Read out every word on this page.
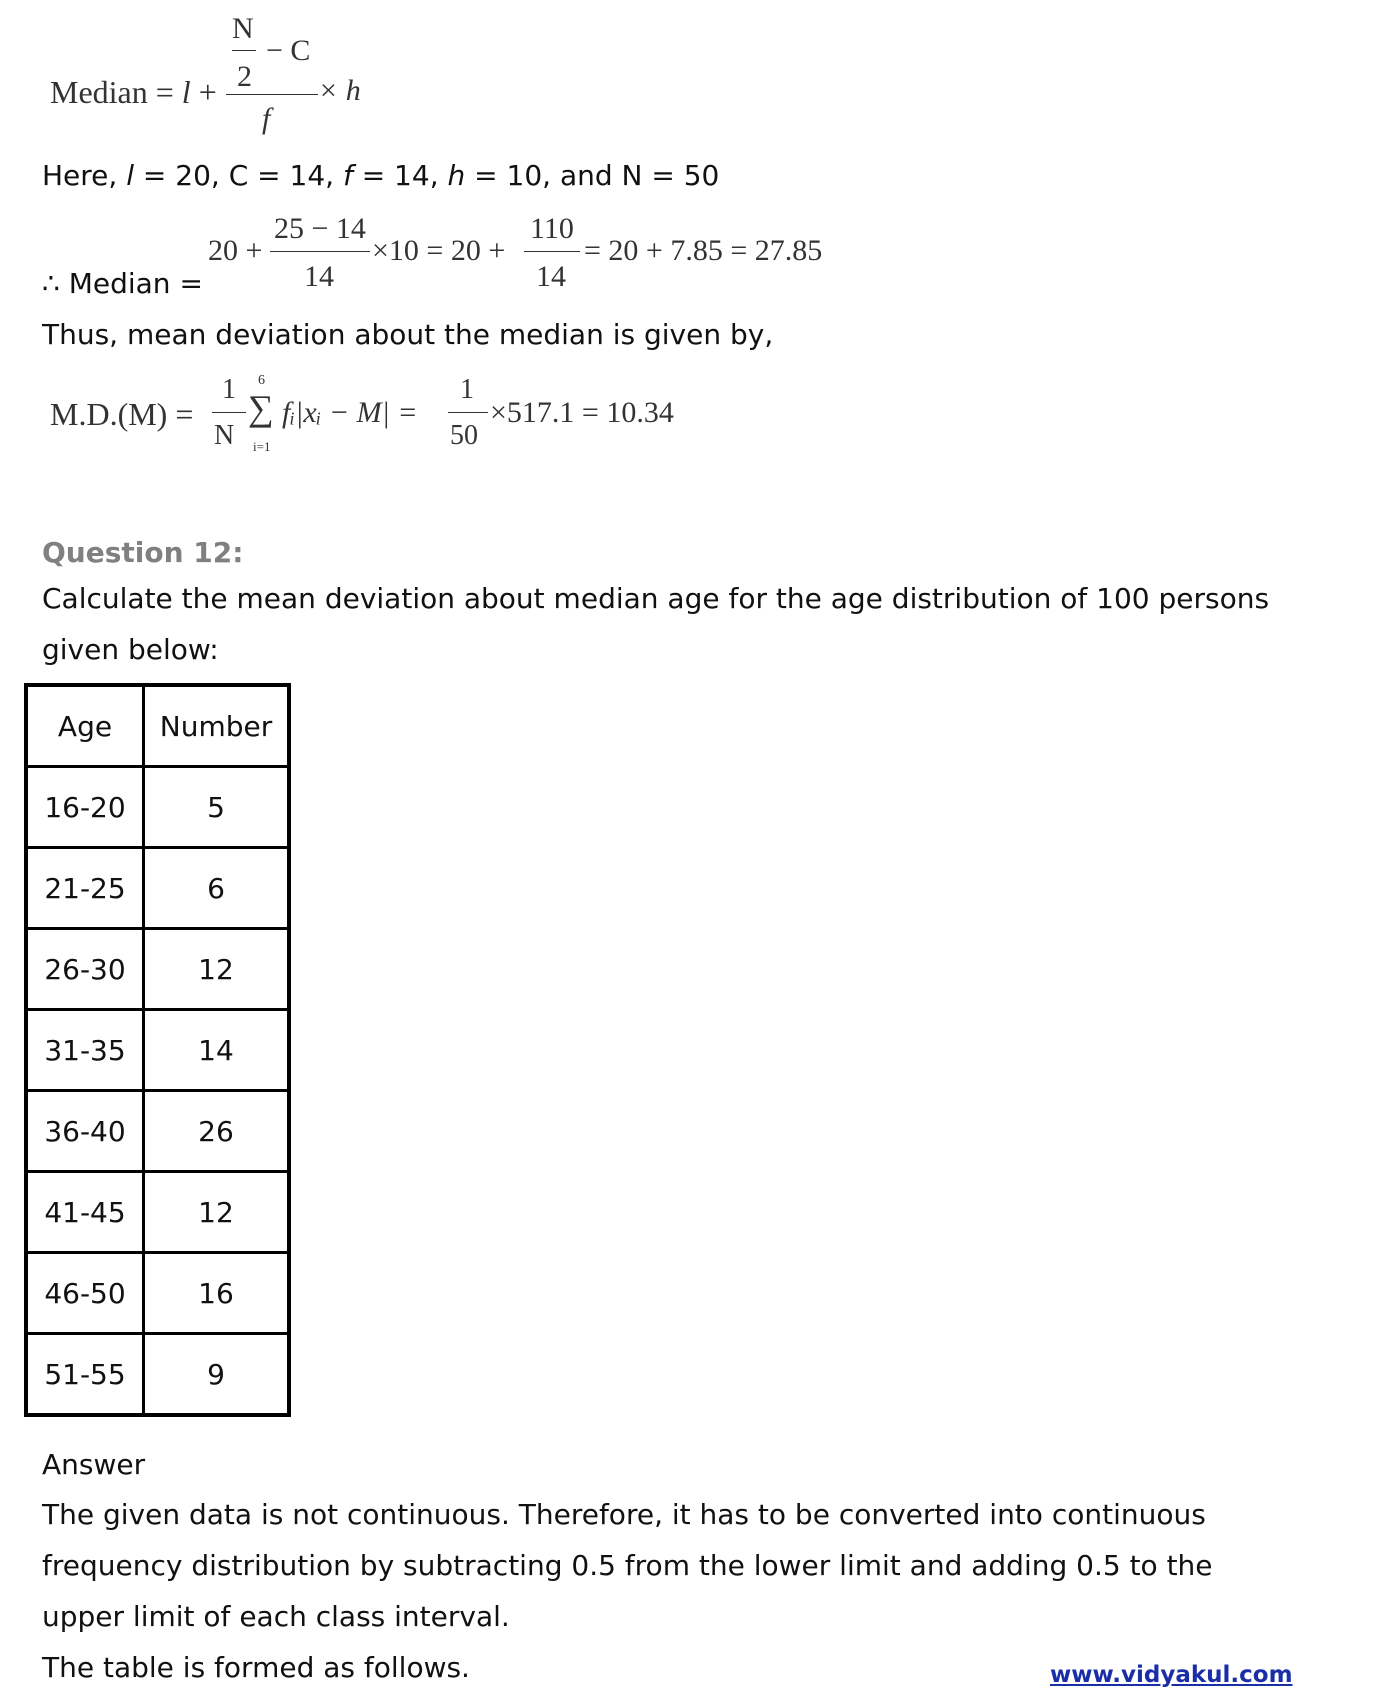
Median = l +
N
2
− C
f
× h
Here, l = 20, C = 14, f = 14, h = 10, and N = 50
20 +
25 − 14
14
×10 = 20 +
110
14
= 20 + 7.85 = 27.85
∴ Median =
Thus, mean deviation about the median is given by,
M.D.(M) =
1
N
6
∑
i=1
fᵢ|xᵢ − M| =
1
50
×517.1 = 10.34
Question 12:
Calculate the mean deviation about median age for the age distribution of 100 persons
given below:
Age	Number
16-20	5
21-25	6
26-30	12
31-35	14
36-40	26
41-45	12
46-50	16
51-55	9
Answer
The given data is not continuous. Therefore, it has to be converted into continuous
frequency distribution by subtracting 0.5 from the lower limit and adding 0.5 to the
upper limit of each class interval.
The table is formed as follows.	www.vidyakul.com
